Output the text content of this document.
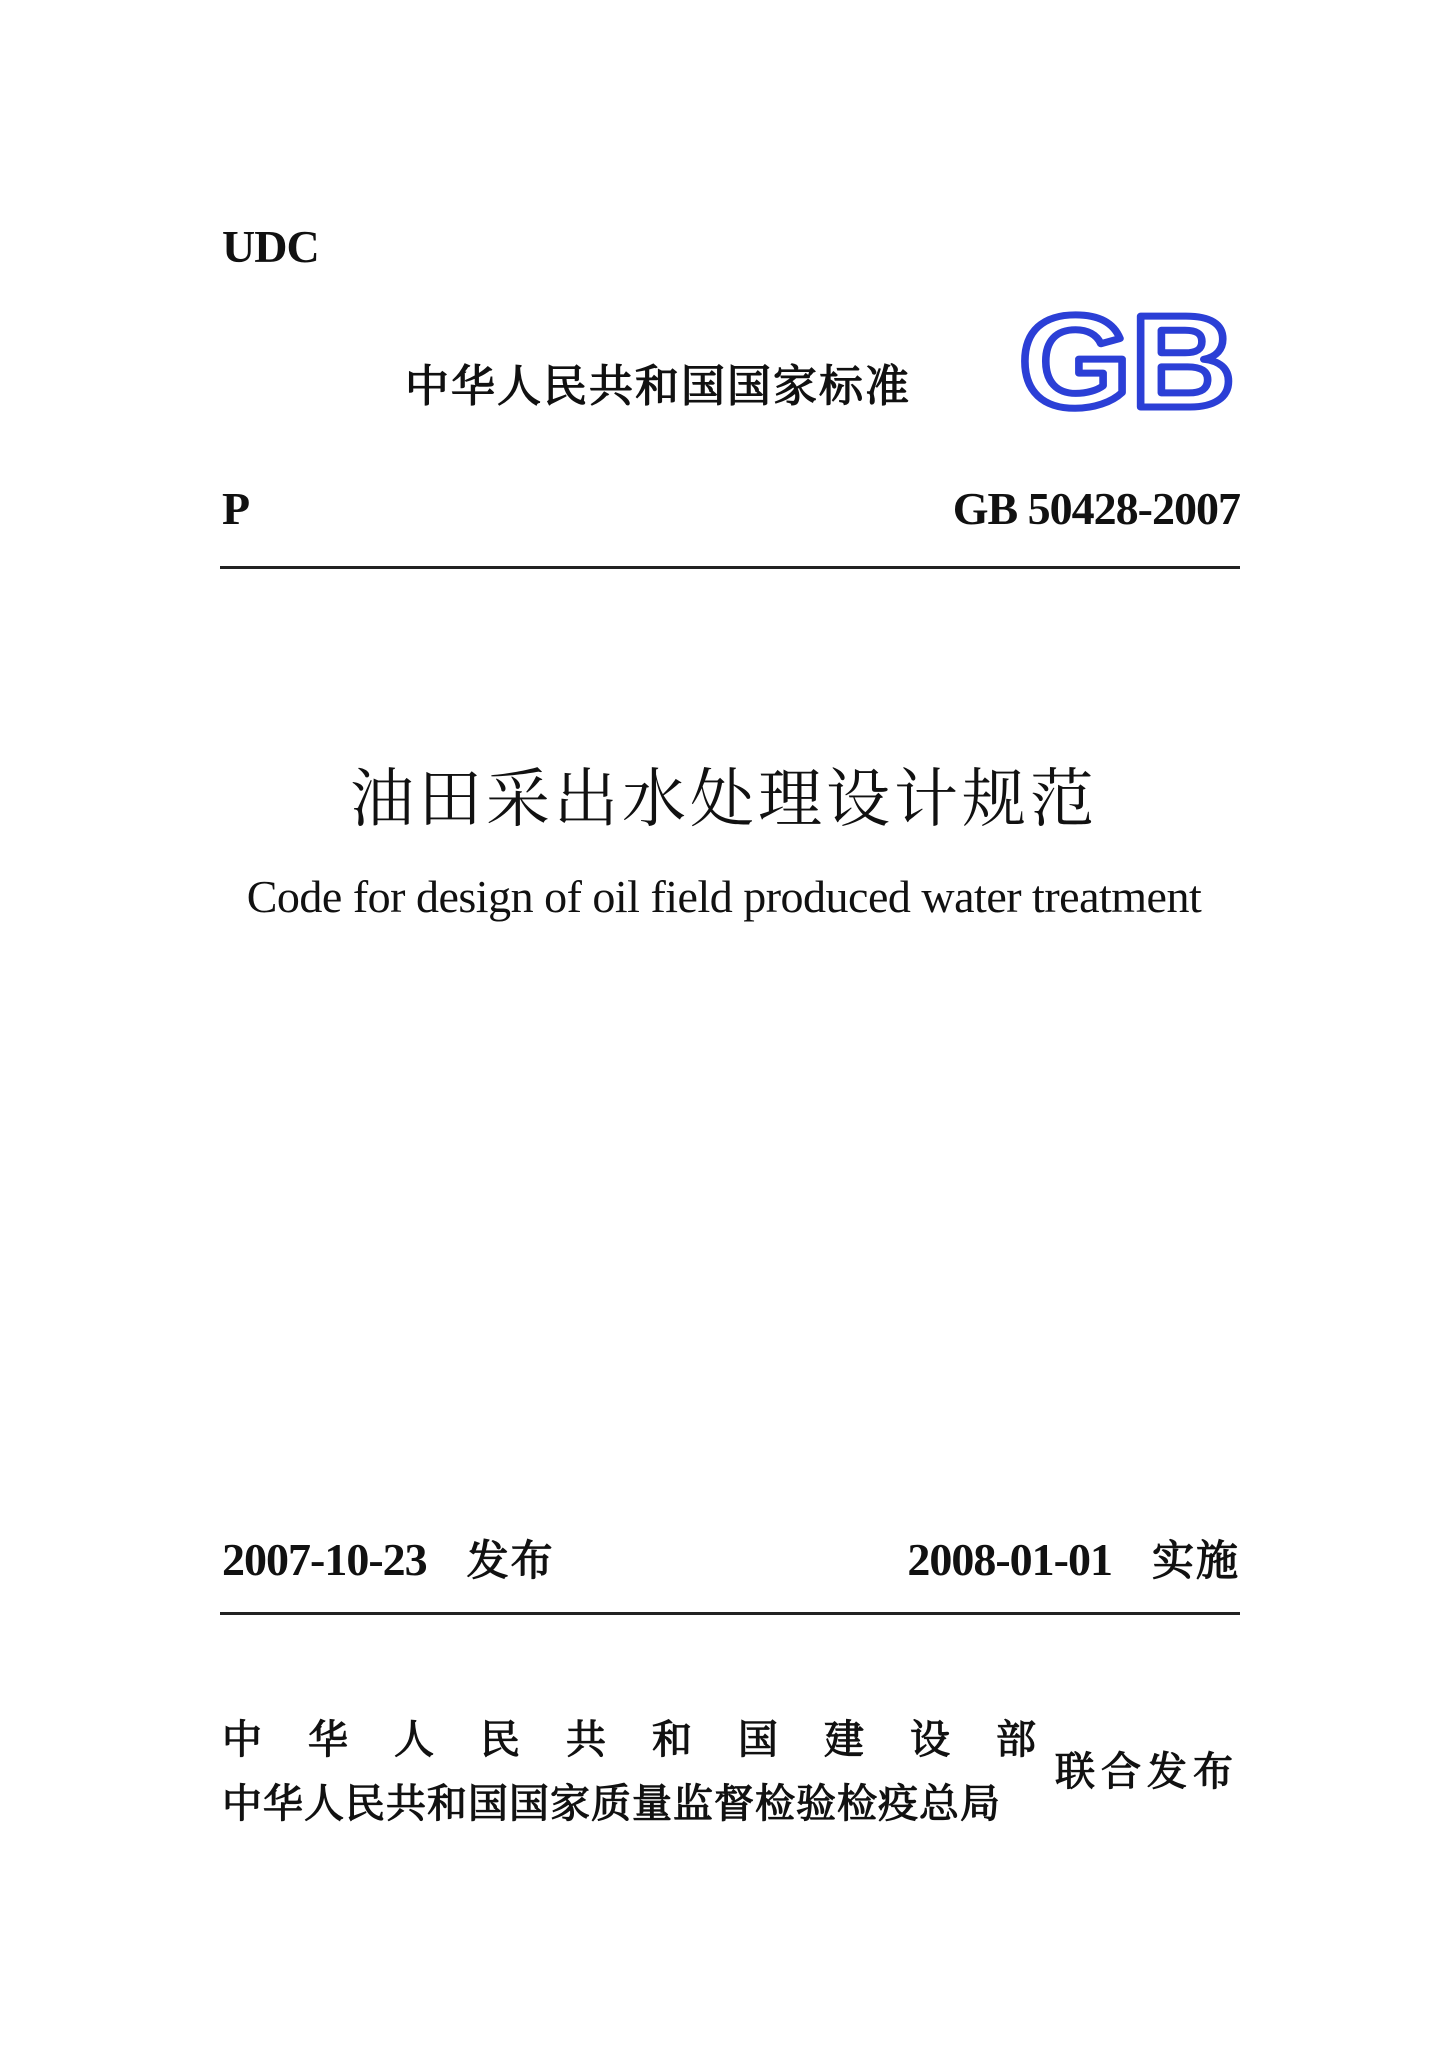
UDC
中华人民共和国国家标准 GB
P	GB 50428-2007
油田采出水处理设计规范
Code for design of oil field produced water treatment
2007-10-23 发布	2008-01-01 实施
中华人民共和国建设部
中华人民共和国国家质量监督检验检疫总局
联合发布
